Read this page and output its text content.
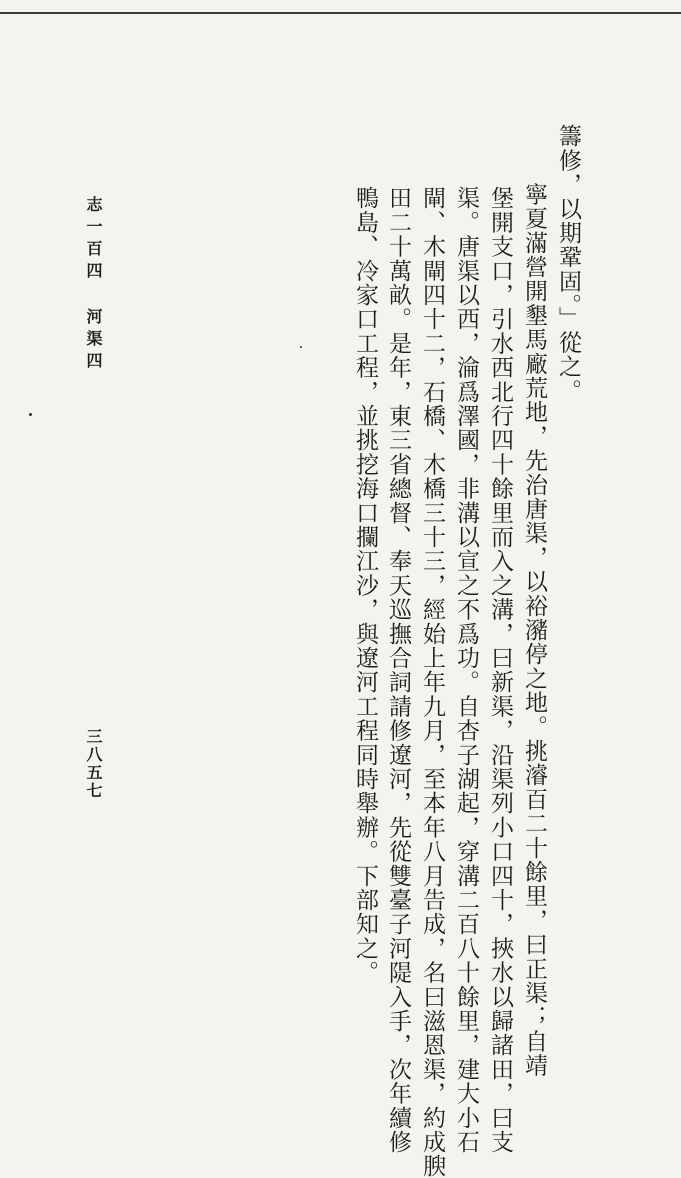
籌修，以期鞏固。」從之。
　寧夏滿營開墾馬廠荒地，先治唐渠，以裕瀦停之地。挑濬百二十餘里，曰正渠；自靖
堡開支口，引水西北行四十餘里而入之溝，曰新渠，沿渠列小口四十，挾水以歸諸田，曰支
渠。唐渠以西，淪爲澤國，非溝以宣之不爲功。自杏子湖起，穿溝二百八十餘里，建大小石
閘、木閘四十二，石橋、木橋三十三，經始上年九月，至本年八月告成，名曰滋恩渠，約成腴
田二十萬畝。是年，東三省總督、奉天巡撫合詞請修遼河，先從雙臺子河隄入手，次年續修
鴨島、冷家口工程，並挑挖海口攔江沙，與遼河工程同時舉辦。下部知之。
志一百四河渠四
三八五七
